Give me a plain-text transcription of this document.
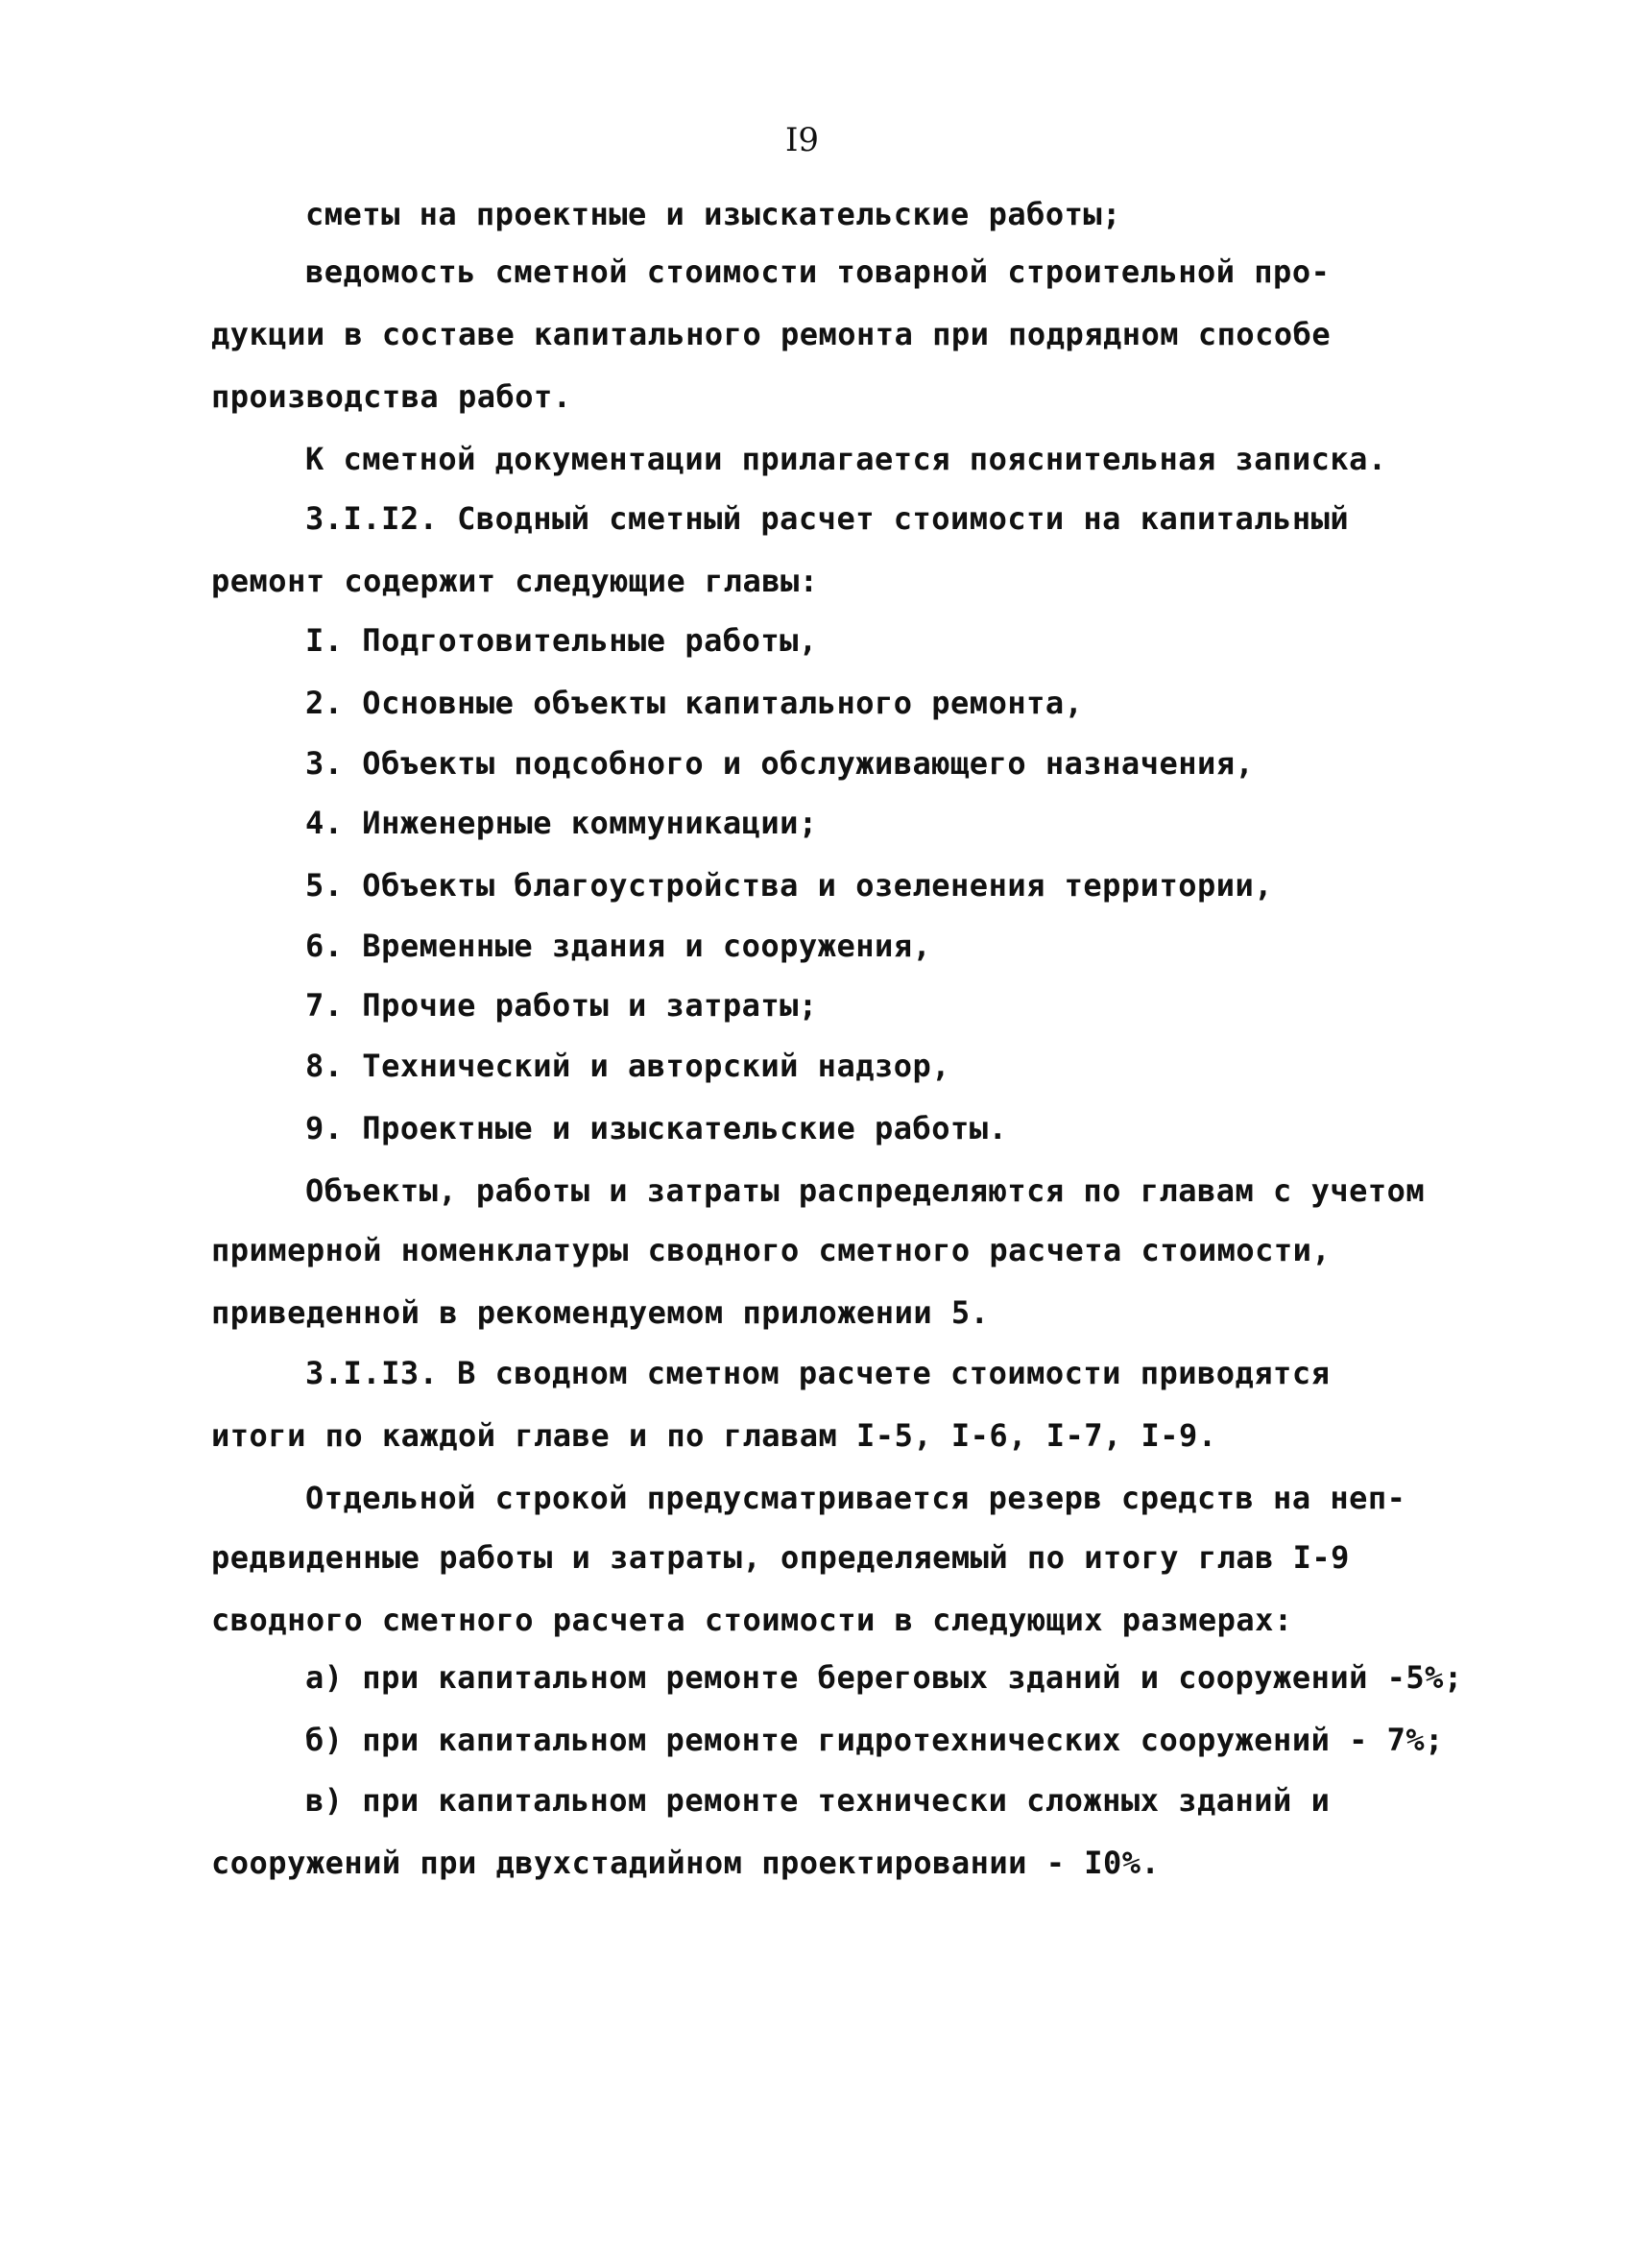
I9
сметы на проектные и изыскательские работы;
ведомость сметной стоимости товарной строительной про-
дукции в составе капитального ремонта при подрядном способе
производства работ.
К сметной документации прилагается пояснительная записка.
3.I.I2. Сводный сметный расчет стоимости на капитальный
ремонт содержит следующие главы:
I. Подготовительные работы,
2. Основные объекты капитального ремонта,
3. Объекты подсобного и обслуживающего назначения,
4. Инженерные коммуникации;
5. Объекты благоустройства и озеленения территории,
6. Временные здания и сооружения,
7. Прочие работы и затраты;
8. Технический и авторский надзор,
9. Проектные и изыскательские работы.
Объекты, работы и затраты распределяются по главам с учетом
примерной номенклатуры сводного сметного расчета стоимости,
приведенной в рекомендуемом приложении 5.
3.I.I3. В сводном сметном расчете стоимости приводятся
итоги по каждой главе и по главам I-5, I-6, I-7, I-9.
Отдельной строкой предусматривается резерв средств на неп-
редвиденные работы и затраты, определяемый по итогу глав I-9
сводного сметного расчета стоимости в следующих размерах:
а) при капитальном ремонте береговых зданий и сооружений -5%;
б) при капитальном ремонте гидротехнических сооружений - 7%;
в) при капитальном ремонте технически сложных зданий и
сооружений при двухстадийном проектировании - I0%.
